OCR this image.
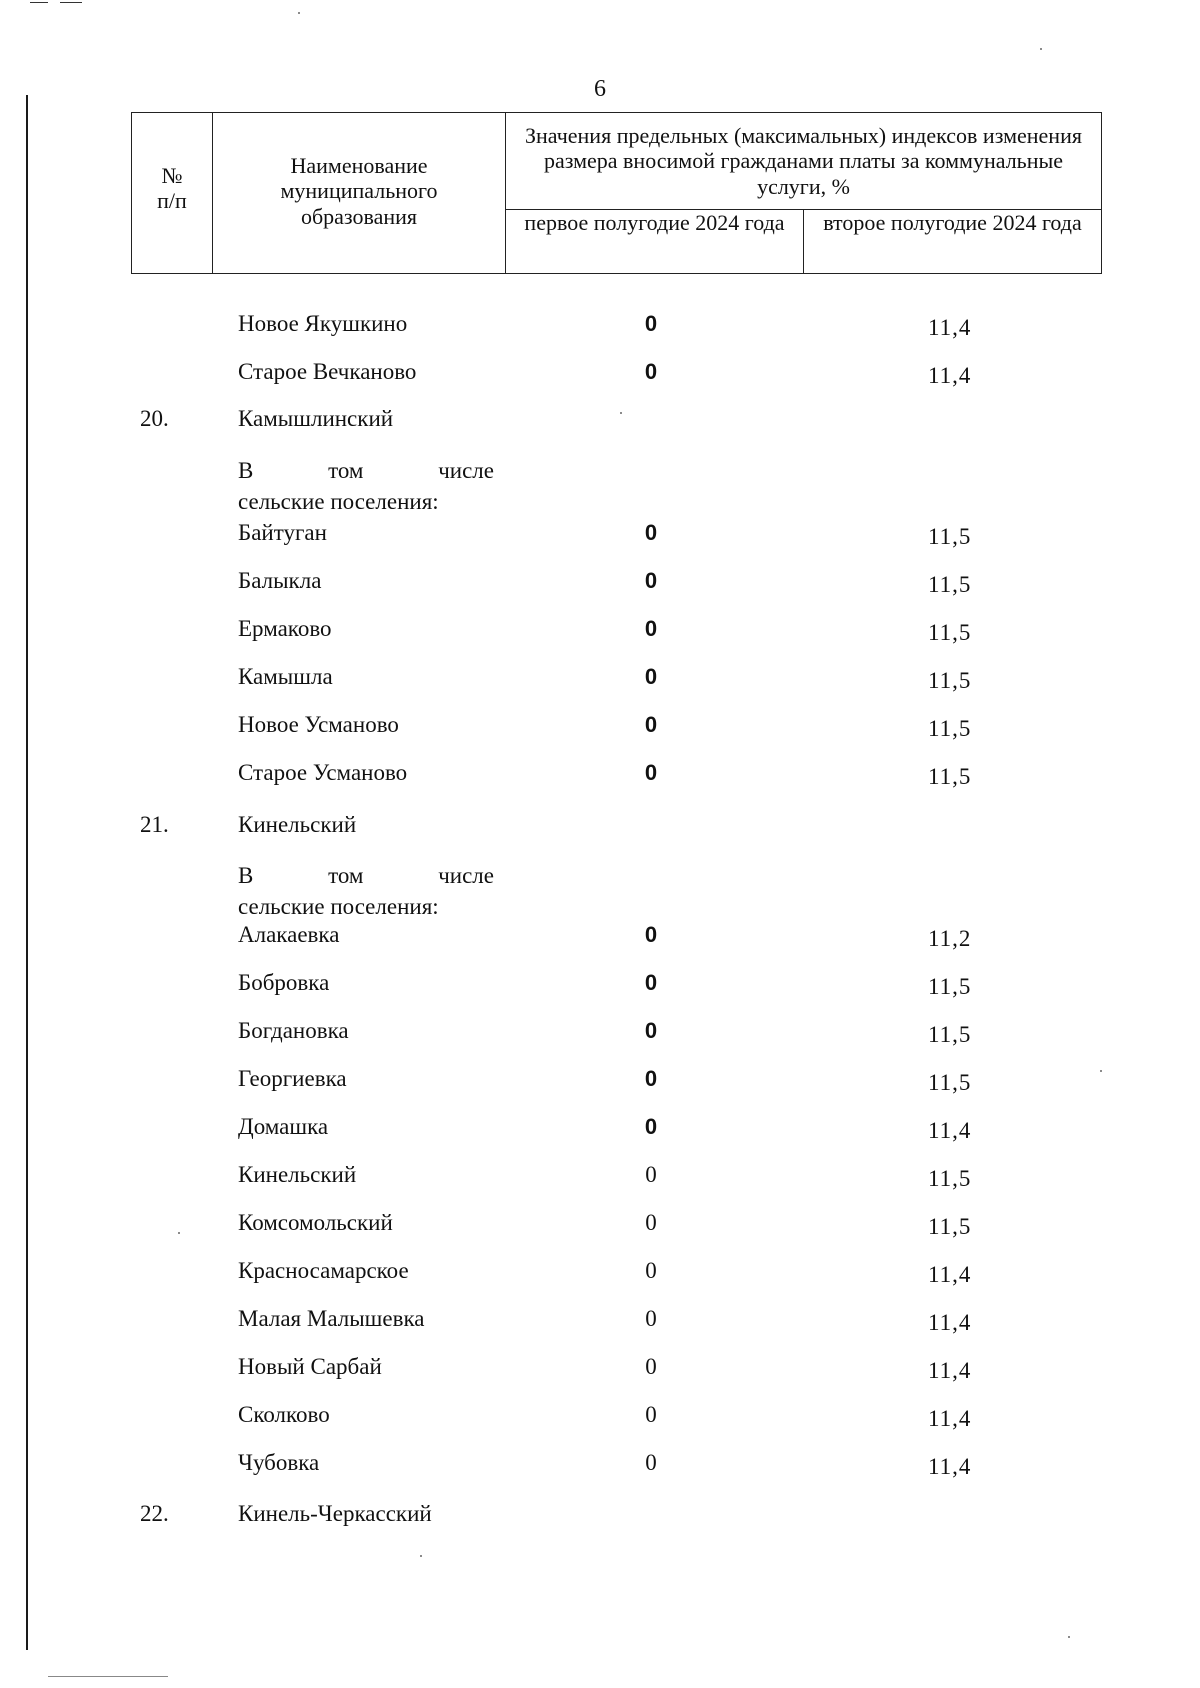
6
№ п/п	Наименование муниципального образования	Значения предельных (максимальных) индексов изменения размера вносимой гражданами платы за коммунальные услуги, %	

		первое полугодие 2024 года	второе полугодие 2024 года
Новое Якушкино	0	11,4
Старое Вечканово	0	11,4
20.	Камышлинский
В	том	числе
сельские поселения:
Байтуган	0	11,5
Балыкла	0	11,5
Ермаково	0	11,5
Камышла	0	11,5
Новое Усманово	0	11,5
Старое Усманово	0	11,5
21.	Кинельский
В	том	числе
сельские поселения:
Алакаевка	0	11,2
Бобровка	0	11,5
Богдановка	0	11,5
Георгиевка	0	11,5
Домашка	0	11,4
Кинельский	0	11,5
Комсомольский	0	11,5
Красносамарское	0	11,4
Малая Малышевка	0	11,4
Новый Сарбай	0	11,4
Сколково	0	11,4
Чубовка	0	11,4
22.	Кинель-Черкасский
